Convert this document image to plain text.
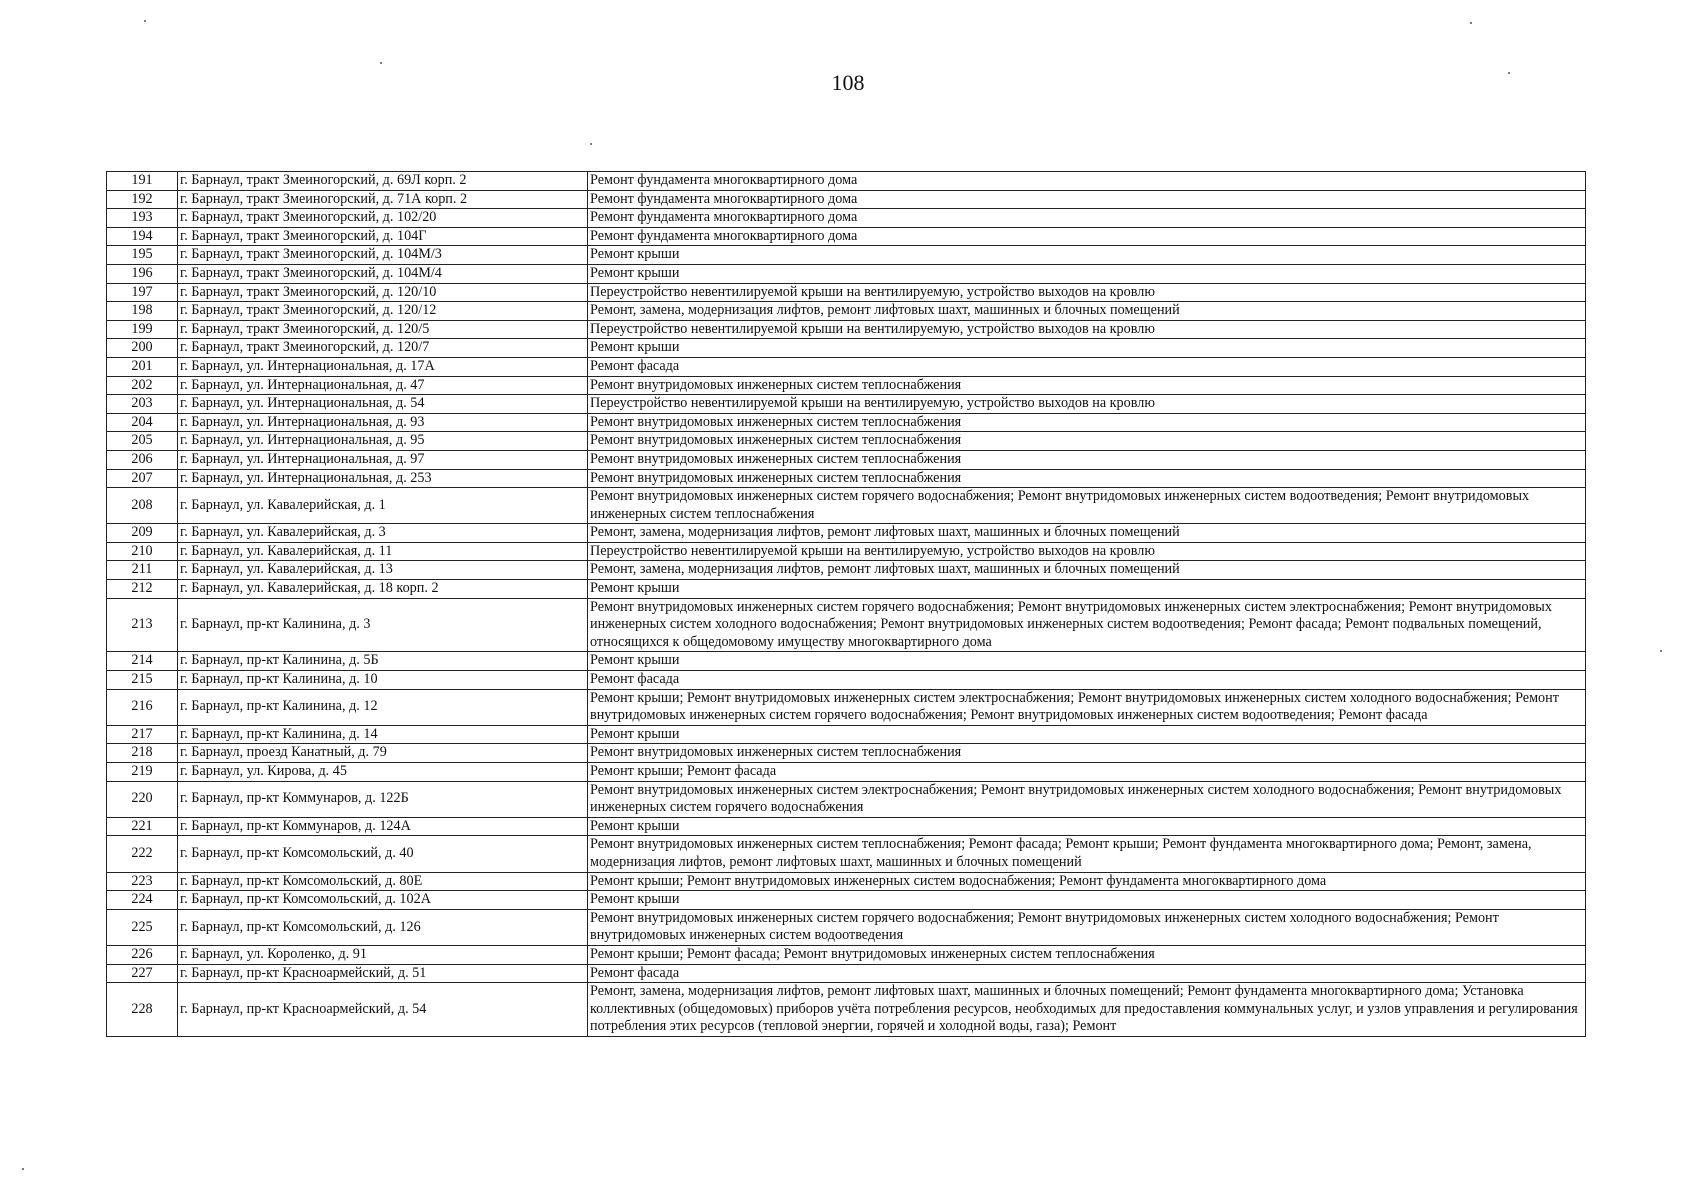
108
191	г. Барнаул, тракт Змеиногорский, д. 69Л корп. 2	Ремонт фундамента многоквартирного дома
192	г. Барнаул, тракт Змеиногорский, д. 71А корп. 2	Ремонт фундамента многоквартирного дома
193	г. Барнаул, тракт Змеиногорский, д. 102/20	Ремонт фундамента многоквартирного дома
194	г. Барнаул, тракт Змеиногорский, д. 104Г	Ремонт фундамента многоквартирного дома
195	г. Барнаул, тракт Змеиногорский, д. 104М/3	Ремонт крыши
196	г. Барнаул, тракт Змеиногорский, д. 104М/4	Ремонт крыши
197	г. Барнаул, тракт Змеиногорский, д. 120/10	Переустройство невентилируемой крыши на вентилируемую, устройство выходов на кровлю
198	г. Барнаул, тракт Змеиногорский, д. 120/12	Ремонт, замена, модернизация лифтов, ремонт лифтовых шахт, машинных и блочных помещений
199	г. Барнаул, тракт Змеиногорский, д. 120/5	Переустройство невентилируемой крыши на вентилируемую, устройство выходов на кровлю
200	г. Барнаул, тракт Змеиногорский, д. 120/7	Ремонт крыши
201	г. Барнаул, ул. Интернациональная, д. 17А	Ремонт фасада
202	г. Барнаул, ул. Интернациональная, д. 47	Ремонт внутридомовых инженерных систем теплоснабжения
203	г. Барнаул, ул. Интернациональная, д. 54	Переустройство невентилируемой крыши на вентилируемую, устройство выходов на кровлю
204	г. Барнаул, ул. Интернациональная, д. 93	Ремонт внутридомовых инженерных систем теплоснабжения
205	г. Барнаул, ул. Интернациональная, д. 95	Ремонт внутридомовых инженерных систем теплоснабжения
206	г. Барнаул, ул. Интернациональная, д. 97	Ремонт внутридомовых инженерных систем теплоснабжения
207	г. Барнаул, ул. Интернациональная, д. 253	Ремонт внутридомовых инженерных систем теплоснабжения
208	г. Барнаул, ул. Кавалерийская, д. 1	Ремонт внутридомовых инженерных систем горячего водоснабжения; Ремонт внутридомовых инженерных систем водоотведения; Ремонт внутридомовых инженерных систем теплоснабжения
209	г. Барнаул, ул. Кавалерийская, д. 3	Ремонт, замена, модернизация лифтов, ремонт лифтовых шахт, машинных и блочных помещений
210	г. Барнаул, ул. Кавалерийская, д. 11	Переустройство невентилируемой крыши на вентилируемую, устройство выходов на кровлю
211	г. Барнаул, ул. Кавалерийская, д. 13	Ремонт, замена, модернизация лифтов, ремонт лифтовых шахт, машинных и блочных помещений
212	г. Барнаул, ул. Кавалерийская, д. 18 корп. 2	Ремонт крыши
213	г. Барнаул, пр-кт Калинина, д. 3	Ремонт внутридомовых инженерных систем горячего водоснабжения; Ремонт внутридомовых инженерных систем электроснабжения; Ремонт внутридомовых инженерных систем холодного водоснабжения; Ремонт внутридомовых инженерных систем водоотведения; Ремонт фасада; Ремонт подвальных помещений, относящихся к общедомовому имуществу многоквартирного дома
214	г. Барнаул, пр-кт Калинина, д. 5Б	Ремонт крыши
215	г. Барнаул, пр-кт Калинина, д. 10	Ремонт фасада
216	г. Барнаул, пр-кт Калинина, д. 12	Ремонт крыши; Ремонт внутридомовых инженерных систем электроснабжения; Ремонт внутридомовых инженерных систем холодного водоснабжения; Ремонт внутридомовых инженерных систем горячего водоснабжения; Ремонт внутридомовых инженерных систем водоотведения; Ремонт фасада
217	г. Барнаул, пр-кт Калинина, д. 14	Ремонт крыши
218	г. Барнаул, проезд Канатный, д. 79	Ремонт внутридомовых инженерных систем теплоснабжения
219	г. Барнаул, ул. Кирова, д. 45	Ремонт крыши; Ремонт фасада
220	г. Барнаул, пр-кт Коммунаров, д. 122Б	Ремонт внутридомовых инженерных систем электроснабжения; Ремонт внутридомовых инженерных систем холодного водоснабжения; Ремонт внутридомовых инженерных систем горячего водоснабжения
221	г. Барнаул, пр-кт Коммунаров, д. 124А	Ремонт крыши
222	г. Барнаул, пр-кт Комсомольский, д. 40	Ремонт внутридомовых инженерных систем теплоснабжения; Ремонт фасада; Ремонт крыши; Ремонт фундамента многоквартирного дома; Ремонт, замена, модернизация лифтов, ремонт лифтовых шахт, машинных и блочных помещений
223	г. Барнаул, пр-кт Комсомольский, д. 80Е	Ремонт крыши; Ремонт внутридомовых инженерных систем водоснабжения; Ремонт фундамента многоквартирного дома
224	г. Барнаул, пр-кт Комсомольский, д. 102А	Ремонт крыши
225	г. Барнаул, пр-кт Комсомольский, д. 126	Ремонт внутридомовых инженерных систем горячего водоснабжения; Ремонт внутридомовых инженерных систем холодного водоснабжения; Ремонт внутридомовых инженерных систем водоотведения
226	г. Барнаул, ул. Короленко, д. 91	Ремонт крыши; Ремонт фасада; Ремонт внутридомовых инженерных систем теплоснабжения
227	г. Барнаул, пр-кт Красноармейский, д. 51	Ремонт фасада
228	г. Барнаул, пр-кт Красноармейский, д. 54	Ремонт, замена, модернизация лифтов, ремонт лифтовых шахт, машинных и блочных помещений; Ремонт фундамента многоквартирного дома; Установка коллективных (общедомовых) приборов учёта потребления ресурсов, необходимых для предоставления коммунальных услуг, и узлов управления и регулирования потребления этих ресурсов (тепловой энергии, горячей и холодной воды, газа); Ремонт
